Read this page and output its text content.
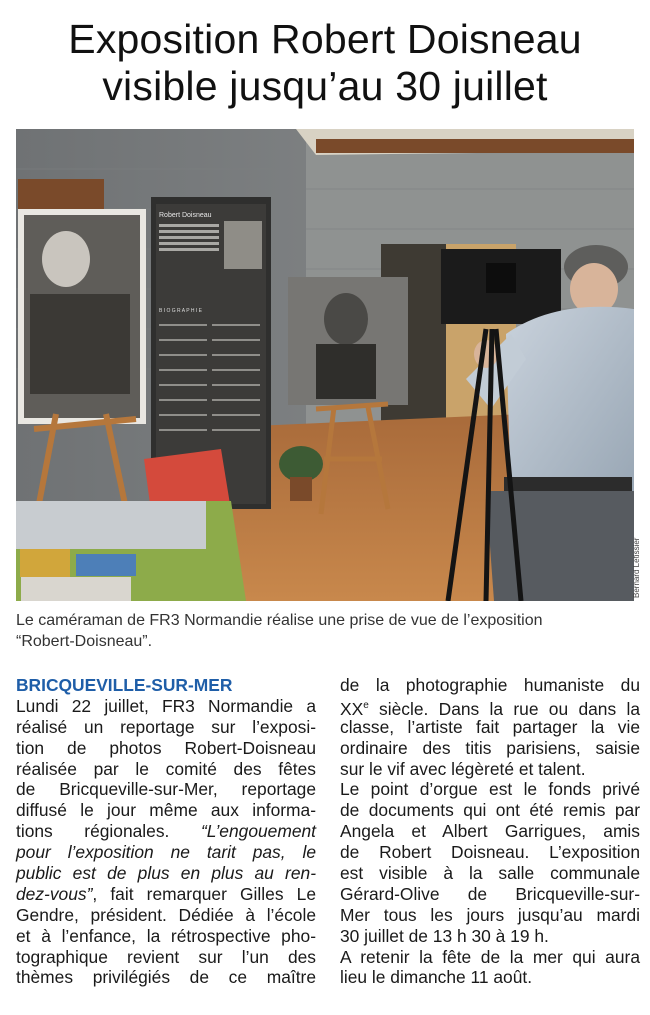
Exposition Robert Doisneau
visible jusqu’au 30 juillet
Robert Doisneau
B I O G R A P H I E
Bernard Letissier
Le caméraman de FR3 Normandie réalise une prise de vue de l’exposition
“Robert-Doisneau”.
BRICQUEVILLE-SUR-MER
Lundi 22 juillet, FR3 Normandie a
réalisé un reportage sur l’exposi-
tion de photos Robert-Doisneau
réalisée par le comité des fêtes
de Bricqueville-sur-Mer, reportage
diffusé le jour même aux informa-
tions régionales. “L’engouement
pour l’exposition ne tarit pas, le
public est de plus en plus au ren-
dez-vous”, fait remarquer Gilles Le
Gendre, président. Dédiée à l’école
et à l’enfance, la rétrospective pho-
tographique revient sur l’un des
thèmes privilégiés de ce maître
de la photographie humaniste du
XXe siècle. Dans la rue ou dans la
classe, l’artiste fait partager la vie
ordinaire des titis parisiens, saisie
sur le vif avec légèreté et talent.
Le point d’orgue est le fonds privé
de documents qui ont été remis par
Angela et Albert Garrigues, amis
de Robert Doisneau. L’exposition
est visible à la salle communale
Gérard-Olive de Bricqueville-sur-
Mer tous les jours jusqu’au mardi
30 juillet de 13 h 30 à 19 h.
A retenir la fête de la mer qui aura
lieu le dimanche 11 août.
